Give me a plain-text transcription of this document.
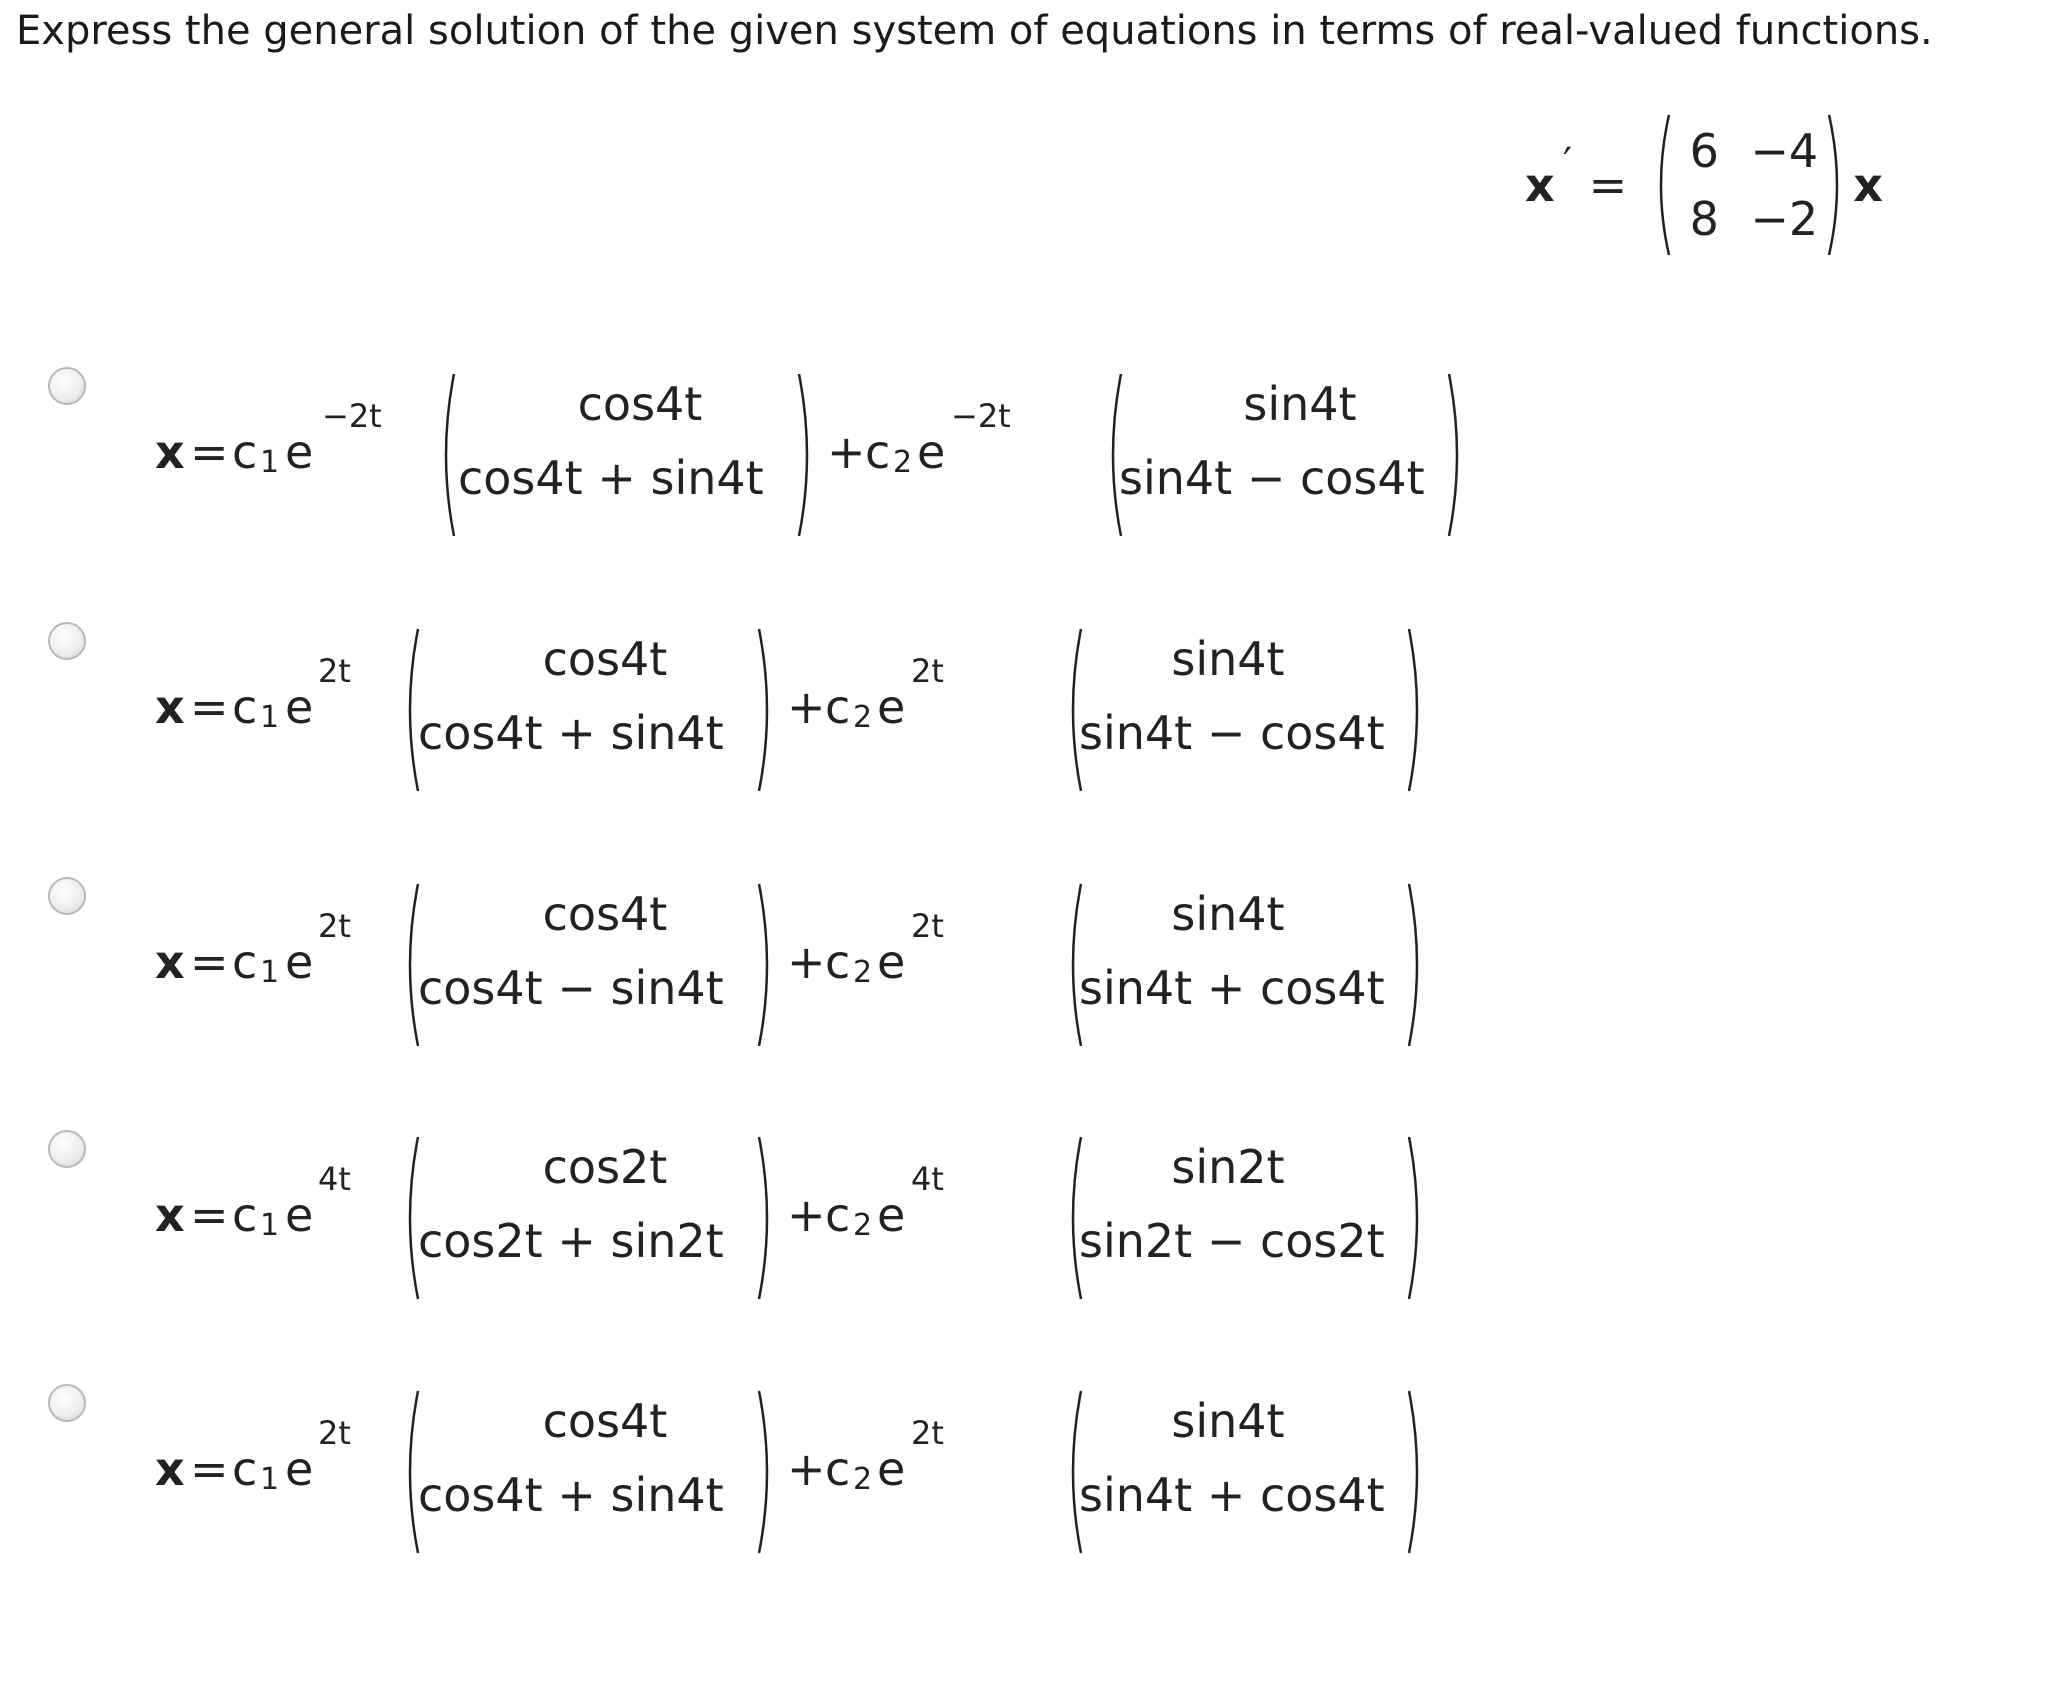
Express the general solution of the given system of equations in terms of real-valued functions.
x ′ =
6 −4
8 −2
x
x = c 1 e
−2t	cos4t
cos4t + sin4t + c 2 e
−2t	sin4t
sin4t − cos4t
x = c 1 e
2t	cos4t
cos4t + sin4t + c 2 e
2t	sin4t
sin4t − cos4t
x = c 1 e
2t	cos4t
cos4t − sin4t + c 2 e
2t	sin4t
sin4t + cos4t
x = c 1 e
4t	cos2t
cos2t + sin2t + c 2 e
4t	sin2t
sin2t − cos2t
x = c 1 e
2t	cos4t
cos4t + sin4t + c 2 e
2t	sin4t
sin4t + cos4t
